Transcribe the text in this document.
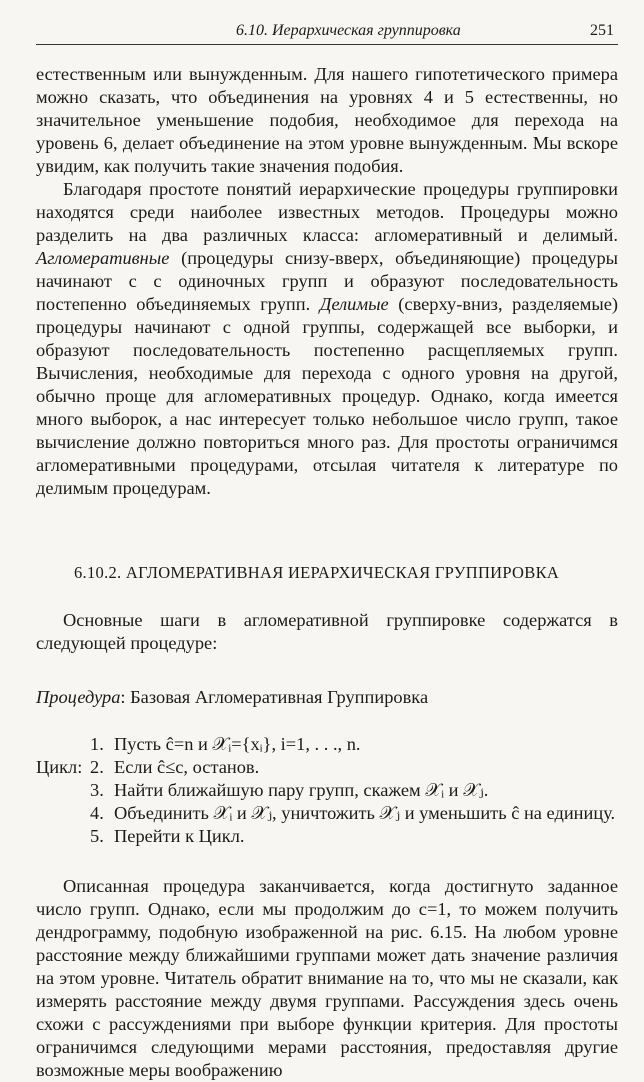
6.10. Иерархическая группировка	251

естественным или вынужденным. Для нашего гипотетического примера можно сказать, что объединения на уровнях 4 и 5 естественны, но значительное уменьшение подобия, необходимое для перехода на уровень 6, делает объединение на этом уровне вынужденным. Мы вскоре увидим, как получить такие значения подобия.

Благодаря простоте понятий иерархические процедуры группировки находятся среди наиболее известных методов. Процедуры можно разделить на два различных класса: агломеративный и делимый. Агломеративные (процедуры снизу-вверх, объединяющие) процедуры начинают с c одиночных групп и образуют последовательность постепенно объединяемых групп. Делимые (сверху-вниз, разделяемые) процедуры начинают с одной группы, содержащей все выборки, и образуют последовательность постепенно расщепляемых групп. Вычисления, необходимые для перехода с одного уровня на другой, обычно проще для агломеративных процедур. Однако, когда имеется много выборок, а нас интересует только небольшое число групп, такое вычисление должно повториться много раз. Для простоты ограничимся агломеративными процедурами, отсылая читателя к литературе по делимым процедурам.

6.10.2. АГЛОМЕРАТИВНАЯ ИЕРАРХИЧЕСКАЯ ГРУППИРОВКА

Основные шаги в агломеративной группировке содержатся в следующей процедуре:

Процедура: Базовая Агломеративная Группировка
1. Пусть ĉ=n и 𝒳ᵢ={xᵢ}, i=1, . . ., n.
Цикл: 2. Если ĉ≤c, останов.
3. Найти ближайшую пару групп, скажем 𝒳ᵢ и 𝒳ⱼ.
4. Объединить 𝒳ᵢ и 𝒳ⱼ, уничтожить 𝒳ⱼ и уменьшить ĉ на единицу.
5. Перейти к Цикл.

Описанная процедура заканчивается, когда достигнуто заданное число групп. Однако, если мы продолжим до c=1, то можем получить дендрограмму, подобную изображенной на рис. 6.15. На любом уровне расстояние между ближайшими группами может дать значение различия на этом уровне. Читатель обратит внимание на то, что мы не сказали, как измерять расстояние между двумя группами. Рассуждения здесь очень схожи с рассуждениями при выборе функции критерия. Для простоты ограничимся следующими мерами расстояния, предоставляя другие возможные меры воображению
